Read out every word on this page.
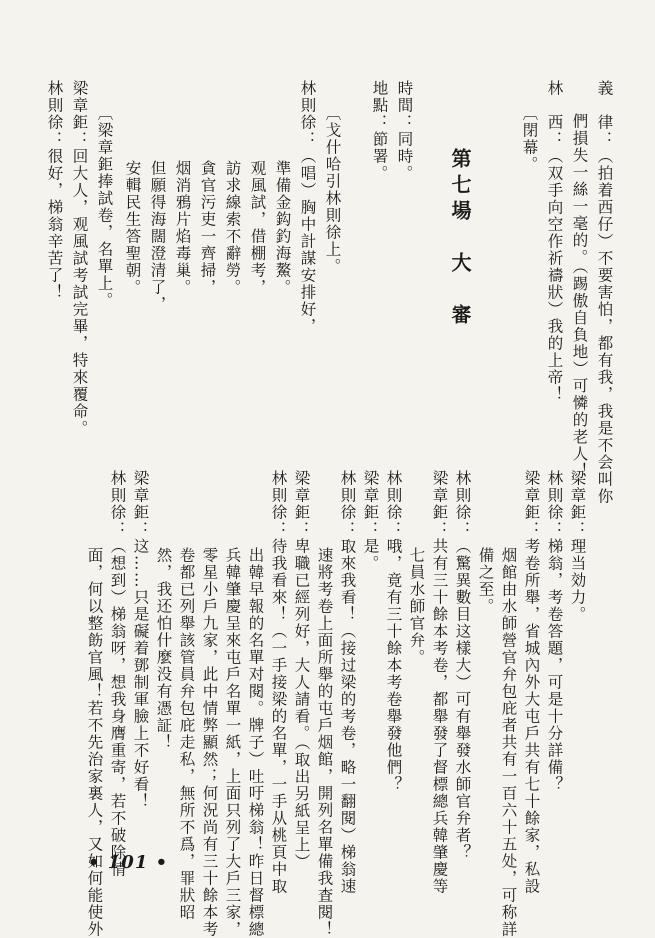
義　律：（拍着西仔）不要害怕，都有我，我是不会叫你
們損失一絲一毫的。（踢傲自負地）可憐的老人！
林　西：（双手向空作祈禱狀）我的上帝！
〔閉幕。
第七場　大　審
時間：同時。
地點：節署。
〔戈什哈引林則徐上。
林則徐：（唱）胸中計謀安排好，
準備金鈎釣海鰲。
观風試，借棚考，
訪求線索不辭勞。
貪官污吏一齊掃，
烟消鴉片焰毒巢。
但願得海闊澄清了，
安輯民生答聖朝。
〔梁章鉅捧試卷，名單上。
梁章鉅：回大人，观風試考試完畢，特來覆命。
林則徐：很好，梯翁辛苦了！
梁章鉅：理当効力。
林則徐：梯翁，考卷答題，可是十分詳備？
梁章鉅：考卷所舉，省城內外大屯戶共有七十餘家，私設
烟館由水師營官弁包庇者共有一百六十五处，可称詳
備之至。
林則徐：（驚異數目这樣大）可有舉發水師官弁者？
梁章鉅：共有三十餘本考卷，都舉發了督標總兵韓肇慶等
七員水師官弁。
林則徐：哦，竟有三十餘本考卷舉發他們？
梁章鉅：是。
林則徐：取來我看！（接过梁的考卷，略一翻閱）梯翁速
速將考卷上面所舉的屯戶烟館，開列名單備我査閱！
梁章鉅：卑職已經列好，大人請看。（取出另紙呈上）
林則徐：待我看來！（一手接梁的名單，一手从桃頁中取
出韓早報的名單对閱。牌子）吐吁梯翁！昨日督標總
兵韓肇慶呈來屯戶名單一紙，上面只列了大戶三家，
零星小戶九家，此中情弊顯然；何況尚有三十餘本考
卷都已列舉該管員弁包庇走私，無所不爲，罪狀昭
然，我还怕什麼没有憑証！
梁章鉅：这……只是礙着鄧制軍臉上不好看！
林則徐：（想到）梯翁呀，想我身膺重寄，若不破除情
面，何以整飭官風！若不先治家裏人，又如何能使外
• 101 •
